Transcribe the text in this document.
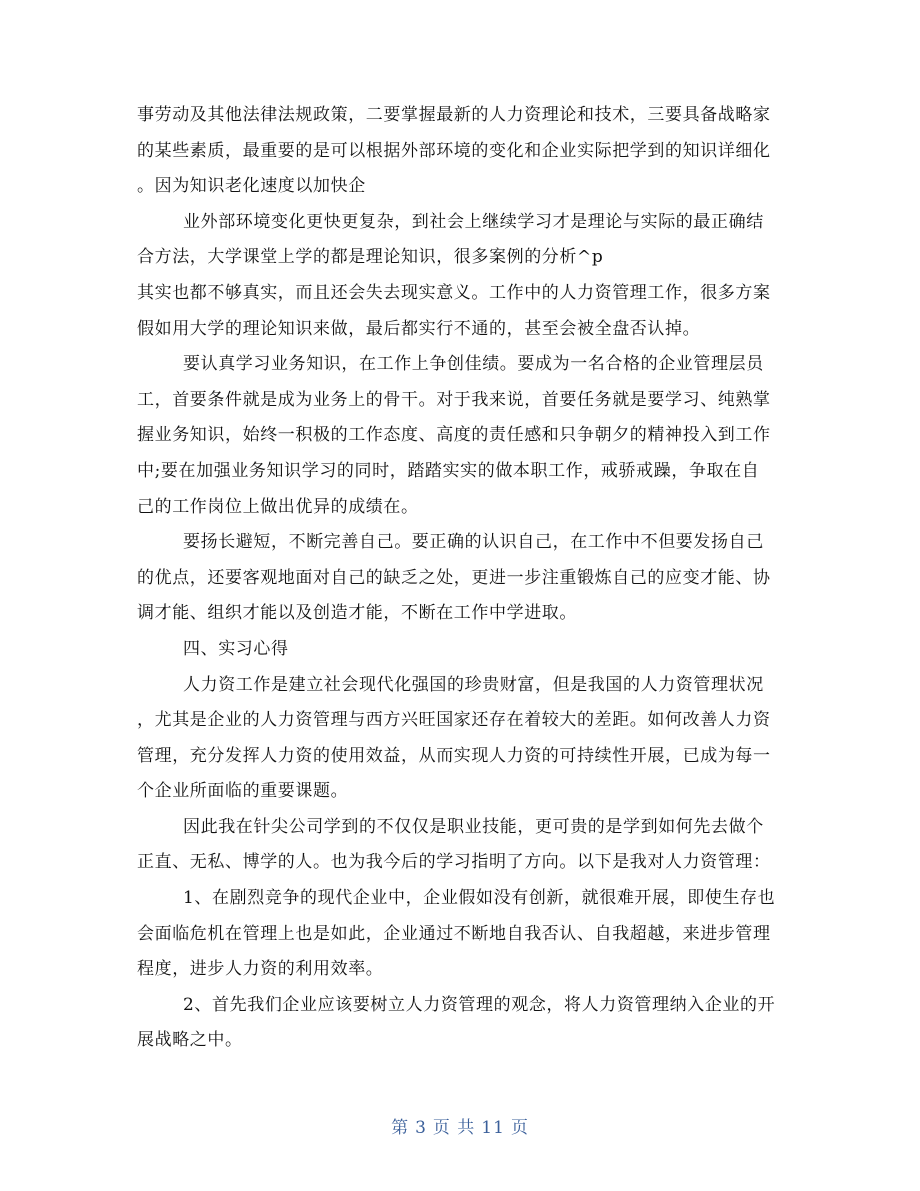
事劳动及其他法律法规政策，二要掌握最新的人力资理论和技术，三要具备战略家
的某些素质，最重要的是可以根据外部环境的变化和企业实际把学到的知识详细化
。因为知识老化速度以加快企
业外部环境变化更快更复杂，到社会上继续学习才是理论与实际的最正确结
合方法，大学课堂上学的都是理论知识，很多案例的分析^p
其实也都不够真实，而且还会失去现实意义。工作中的人力资管理工作，很多方案
假如用大学的理论知识来做，最后都实行不通的，甚至会被全盘否认掉。
要认真学习业务知识，在工作上争创佳绩。要成为一名合格的企业管理层员
工，首要条件就是成为业务上的骨干。对于我来说，首要任务就是要学习、纯熟掌
握业务知识，始终一积极的工作态度、高度的责任感和只争朝夕的精神投入到工作
中;要在加强业务知识学习的同时，踏踏实实的做本职工作，戒骄戒躁，争取在自
己的工作岗位上做出优异的成绩在。
要扬长避短，不断完善自己。要正确的认识自己，在工作中不但要发扬自己
的优点，还要客观地面对自己的缺乏之处，更进一步注重锻炼自己的应变才能、协
调才能、组织才能以及创造才能，不断在工作中学进取。
四、实习心得
人力资工作是建立社会现代化强国的珍贵财富，但是我国的人力资管理状况
，尤其是企业的人力资管理与西方兴旺国家还存在着较大的差距。如何改善人力资
管理，充分发挥人力资的使用效益，从而实现人力资的可持续性开展，已成为每一
个企业所面临的重要课题。
因此我在针尖公司学到的不仅仅是职业技能，更可贵的是学到如何先去做个
正直、无私、博学的人。也为我今后的学习指明了方向。以下是我对人力资管理：
1、在剧烈竞争的现代企业中，企业假如没有创新，就很难开展，即使生存也
会面临危机在管理上也是如此，企业通过不断地自我否认、自我超越，来进步管理
程度，进步人力资的利用效率。
2、首先我们企业应该要树立人力资管理的观念，将人力资管理纳入企业的开
展战略之中。
第 3 页 共 11 页
